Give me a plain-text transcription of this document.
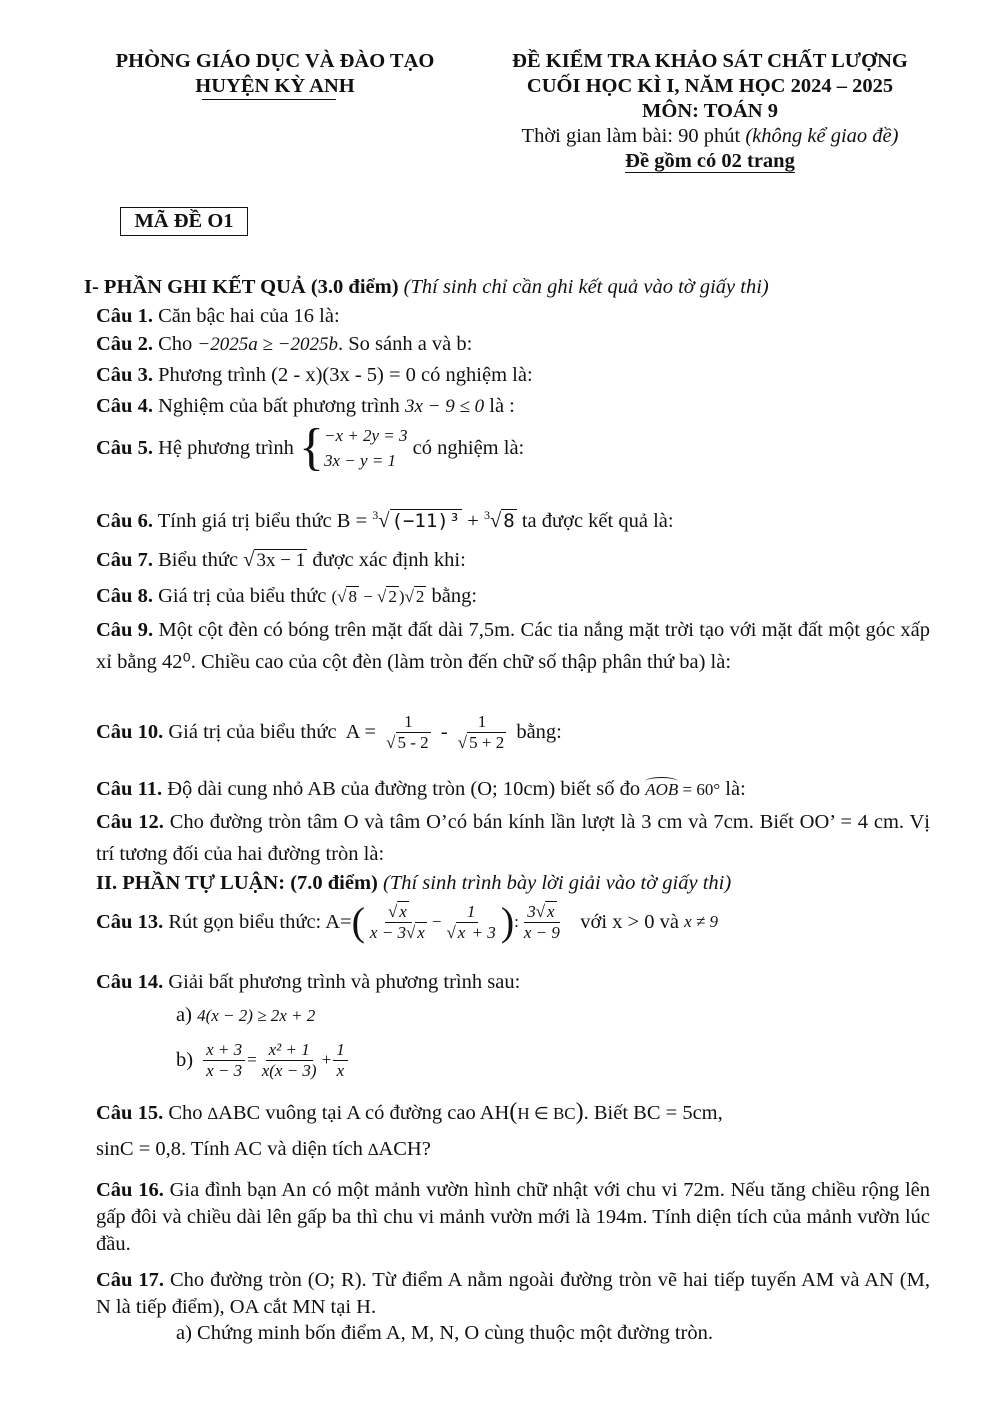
PHÒNG GIÁO DỤC VÀ ĐÀO TẠO
HUYỆN KỲ ANH
ĐỀ KIỂM TRA KHẢO SÁT CHẤT LƯỢNG
CUỐI HỌC KÌ I, NĂM HỌC 2024 – 2025
MÔN: TOÁN 9
Thời gian làm bài: 90 phút (không kể giao đề)
Đề gồm có 02 trang
MÃ ĐỀ O1
I- PHẦN GHI KẾT QUẢ (3.0 điểm) (Thí sinh chỉ cần ghi kết quả vào tờ giấy thi)
Câu 1. Căn bậc hai của 16 là:
Câu 2. Cho −2025a ≥ −2025b. So sánh a và b:
Câu 3. Phương trình (2 - x)(3x - 5) = 0 có nghiệm là:
Câu 4. Nghiệm của bất phương trình 3x − 9 ≤ 0 là :
Câu 5. Hệ phương trình { −x + 2y = 3
3x − y = 1
có nghiệm là:
Câu 6. Tính giá trị biểu thức B = $^3$√ (−11)³ + $^3$√ 8 ta được kết quả là:
Câu 7. Biểu thức √ 3x − 1 được xác định khi:
Câu 8. Giá trị của biểu thức (√ 8 − √ 2 )√ 2 bằng:
Câu 9. Một cột đèn có bóng trên mặt đất dài 7,5m. Các tia nắng mặt trời tạo với mặt đất một góc xấp xỉ bằng 42⁰. Chiều cao của cột đèn (làm tròn đến chữ số thập phân thứ ba) là:
Câu 10. Giá trị của biểu thức  $A = \frac{1}{√ 5 - 2} - \frac{1}{√ 5 + 2}$ bằng:
Câu 11. Độ dài cung nhỏ AB của đường tròn (O; 10cm) biết số đo AOB = 60° là:
Câu 12. Cho đường tròn tâm O và tâm O’có bán kính lần lượt là 3 cm và 7cm. Biết OO’ = 4 cm. Vị trí tương đối của hai đường tròn là:
II. PHẦN TỰ LUẬN: (7.0 điểm) (Thí sinh trình bày lời giải vào tờ giấy thi)
Câu 13. Rút gọn biểu thức: A= ( $\frac{√ x}{x - 3√ x} - \frac{1}{√ x + 3}$ ) : $\frac{3√ x}{x - 9}$ với x > 0 và x ≠ 9
Câu 14. Giải bất phương trình và phương trình sau:
a) 4(x − 2) ≥ 2x + 2
$b) \frac{x + 3}{x - 3} = \frac{\text{x² + 1}}{x(x - 3)} + \frac{1}{x}$
Câu 15. Cho ∆ABC vuông tại A có đường cao AH(H ∈ BC). Biết BC = 5cm,
sinC = 0,8. Tính AC và diện tích ∆ACH?
Câu 16. Gia đình bạn An có một mảnh vườn hình chữ nhật với chu vi 72m. Nếu tăng chiều rộng lên gấp đôi và chiều dài lên gấp ba thì chu vi mảnh vườn mới là 194m. Tính diện tích của mảnh vườn lúc đầu.
Câu 17. Cho đường tròn (O; R). Từ điểm A nằm ngoài đường tròn vẽ hai tiếp tuyến AM và AN (M, N là tiếp điểm), OA cắt MN tại H.
a) Chứng minh bốn điểm A, M, N, O cùng thuộc một đường tròn.
